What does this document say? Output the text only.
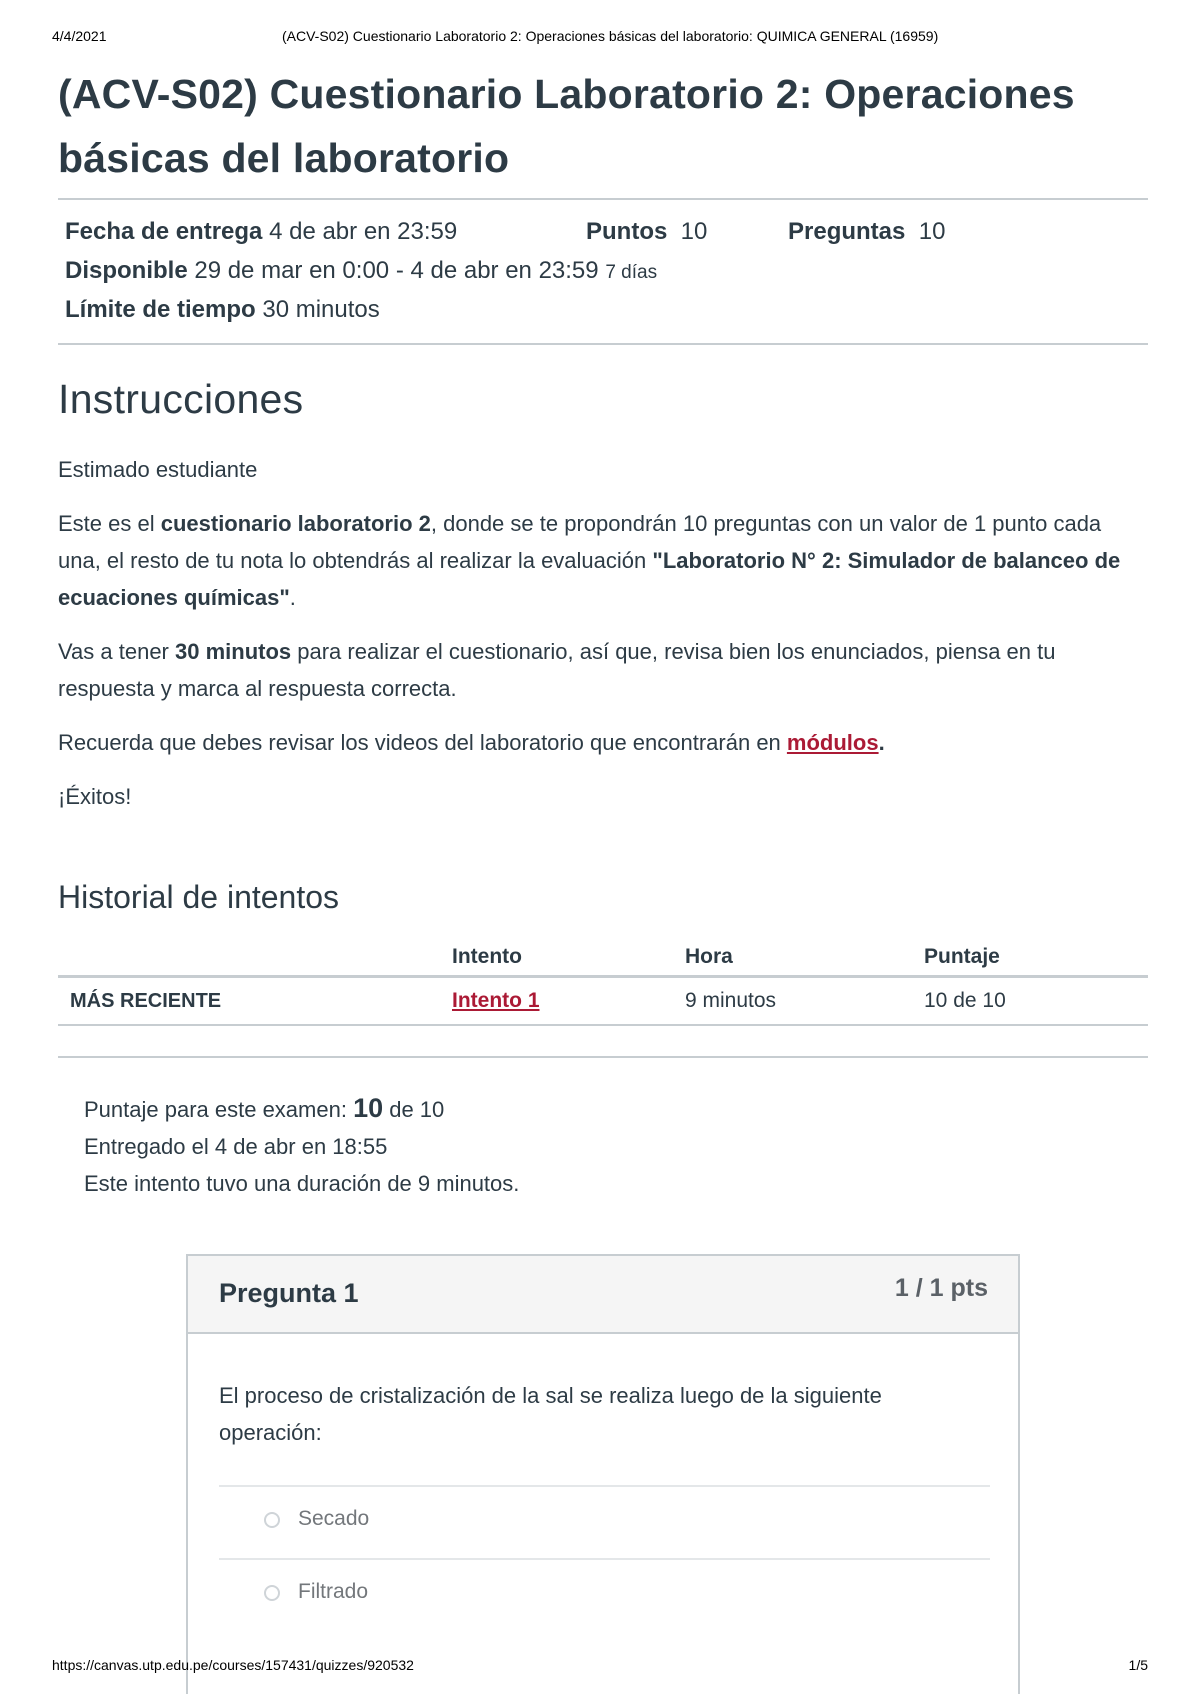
4/4/2021	(ACV-S02) Cuestionario Laboratorio 2: Operaciones básicas del laboratorio: QUIMICA GENERAL (16959)
(ACV-S02) Cuestionario Laboratorio 2: Operaciones básicas del laboratorio
Fecha de entrega 4 de abr en 23:59	Puntos 10	Preguntas 10
Disponible 29 de mar en 0:00 - 4 de abr en 23:59 7 días
Límite de tiempo 30 minutos
Instrucciones

Estimado estudiante

Este es el cuestionario laboratorio 2, donde se te propondrán 10 preguntas con un valor de 1 punto cada una, el resto de tu nota lo obtendrás al realizar la evaluación "Laboratorio N° 2: Simulador de balanceo de ecuaciones químicas".

Vas a tener 30 minutos para realizar el cuestionario, así que, revisa bien los enunciados, piensa en tu respuesta y marca al respuesta correcta.

Recuerda que debes revisar los videos del laboratorio que encontrarán en módulos.

¡Éxitos!

Historial de intentos
	Intento	Hora	Puntaje
MÁS RECIENTE	Intento 1	9 minutos	10 de 10
Puntaje para este examen: 10 de 10
Entregado el 4 de abr en 18:55
Este intento tuvo una duración de 9 minutos.
Pregunta 1	1 / 1 pts
El proceso de cristalización de la sal se realiza luego de la siguiente operación:
Secado
Filtrado
https://canvas.utp.edu.pe/courses/157431/quizzes/920532	1/5
